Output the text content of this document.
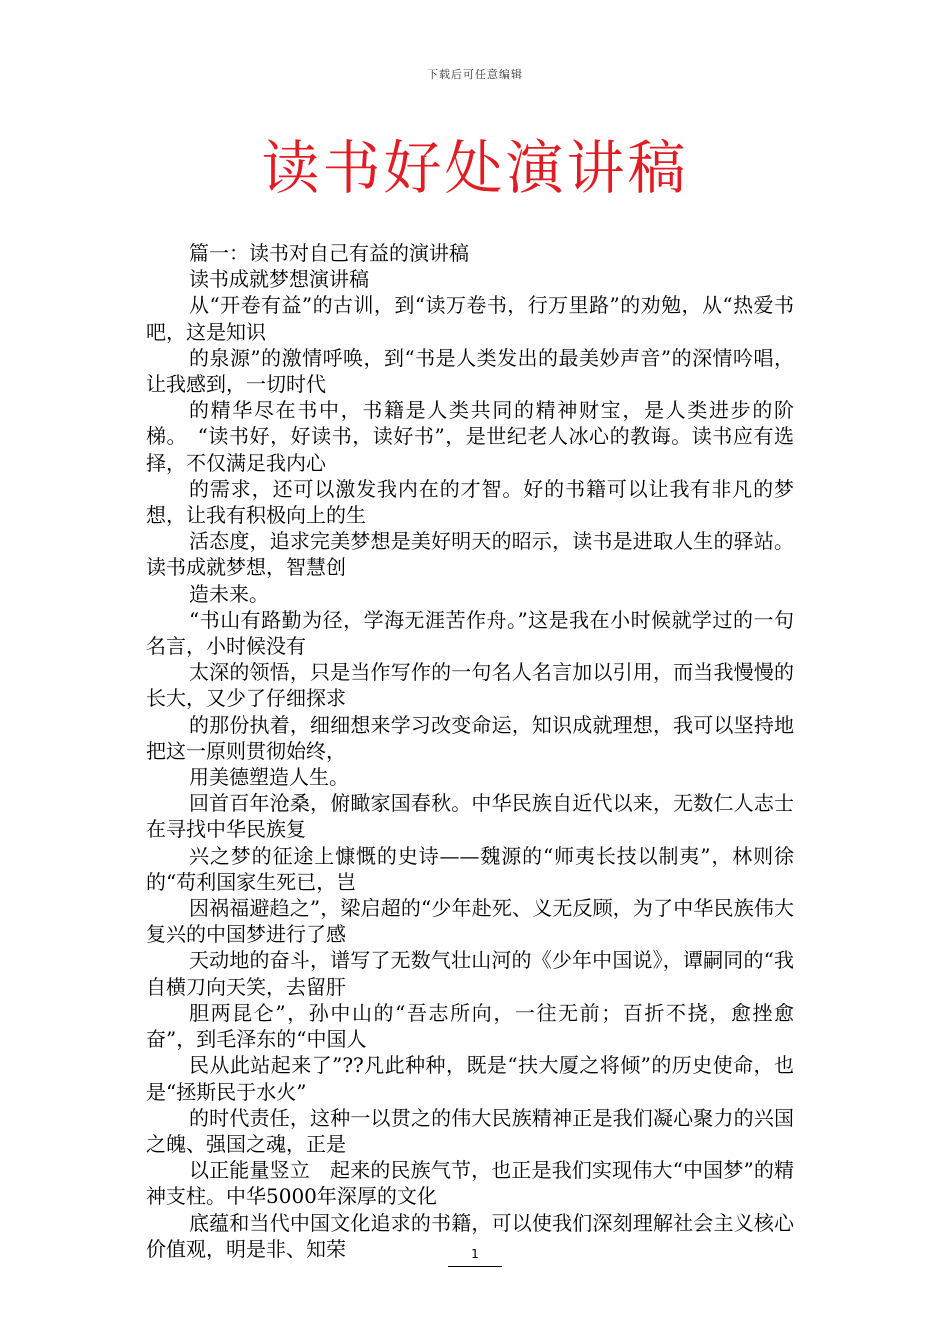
下载后可任意编辑
读书好处演讲稿

篇一：读书对自己有益的演讲稿

读书成就梦想演讲稿

从“开卷有益”的古训，到“读万卷书，行万里路”的劝勉，从“热爱书吧，这是知识

的泉源”的激情呼唤，到“书是人类发出的最美妙声音”的深情吟唱，让我感到，一切时代

的精华尽在书中，书籍是人类共同的精神财宝，是人类进步的阶梯。　“读书好，好读书，读好书”，是世纪老人冰心的教诲。读书应有选择，不仅满足我内心

的需求，还可以激发我内在的才智。好的书籍可以让我有非凡的梦想，让我有积极向上的生

活态度，追求完美梦想是美好明天的昭示，读书是进取人生的驿站。读书成就梦想，智慧创

造未来。

“书山有路勤为径，学海无涯苦作舟。”这是我在小时候就学过的一句名言，小时候没有

太深的领悟，只是当作写作的一句名人名言加以引用，而当我慢慢的长大，又少了仔细探求

的那份执着，细细想来学习改变命运，知识成就理想，我可以坚持地把这一原则贯彻始终，

用美德塑造人生。

回首百年沧桑，俯瞰家国春秋。中华民族自近代以来，无数仁人志士在寻找中华民族复

兴之梦的征途上慷慨的史诗——魏源的“师夷长技以制夷”，林则徐的“苟利国家生死已，岂

因祸福避趋之”，梁启超的“少年赴死、义无反顾，为了中华民族伟大复兴的中国梦进行了感

天动地的奋斗，谱写了无数气壮山河的《少年中国说》，谭嗣同的“我自横刀向天笑，去留肝

胆两昆仑”，孙中山的“吾志所向，一往无前；百折不挠，愈挫愈奋”，到毛泽东的“中国人

民从此站起来了”??凡此种种，既是“扶大厦之将倾”的历史使命，也是“拯斯民于水火”

的时代责任，这种一以贯之的伟大民族精神正是我们凝心聚力的兴国之魄、强国之魂，正是

以正能量竖立　起来的民族气节，也正是我们实现伟大“中国梦”的精神支柱。中华5000年深厚的文化

底蕴和当代中国文化追求的书籍，可以使我们深刻理解社会主义核心价值观，明是非、知荣	1
